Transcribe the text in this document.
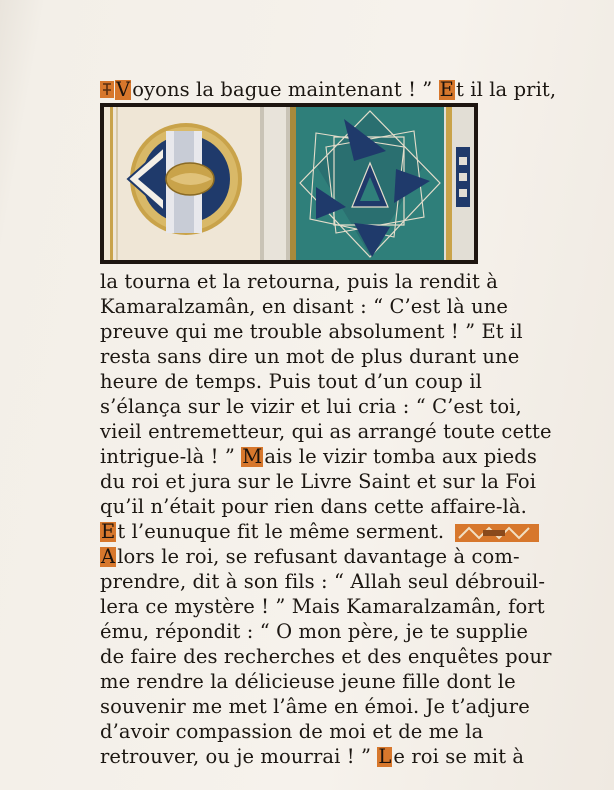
V oyons la bague maintenant ! ” E t il la prit,
la tourna et la retourna, puis la rendit à
Kamaralzamân, en disant : “ C’est là une
preuve qui me trouble absolument ! ” Et il
resta sans dire un mot de plus durant une
heure de temps. Puis tout d’un coup il
s’élança sur le vizir et lui cria : “ C’est toi,
vieil entremetteur, qui as arrangé toute cette
intrigue-là ! ” M ais le vizir tomba aux pieds
du roi et jura sur le Livre Saint et sur la Foi
qu’il n’était pour rien dans cette affaire-là.
E t l’eunuque fit le même serment.
A lors le roi, se refusant davantage à com-
prendre, dit à son fils : “ Allah seul débrouil-
lera ce mystère ! ” Mais Kamaralzamân, fort
ému, répondit : “ O mon père, je te supplie
de faire des recherches et des enquêtes pour
me rendre la délicieuse jeune fille dont le
souvenir me met l’âme en émoi. Je t’adjure
d’avoir compassion de moi et de me la
retrouver, ou je mourrai ! ” L e roi se mit à
